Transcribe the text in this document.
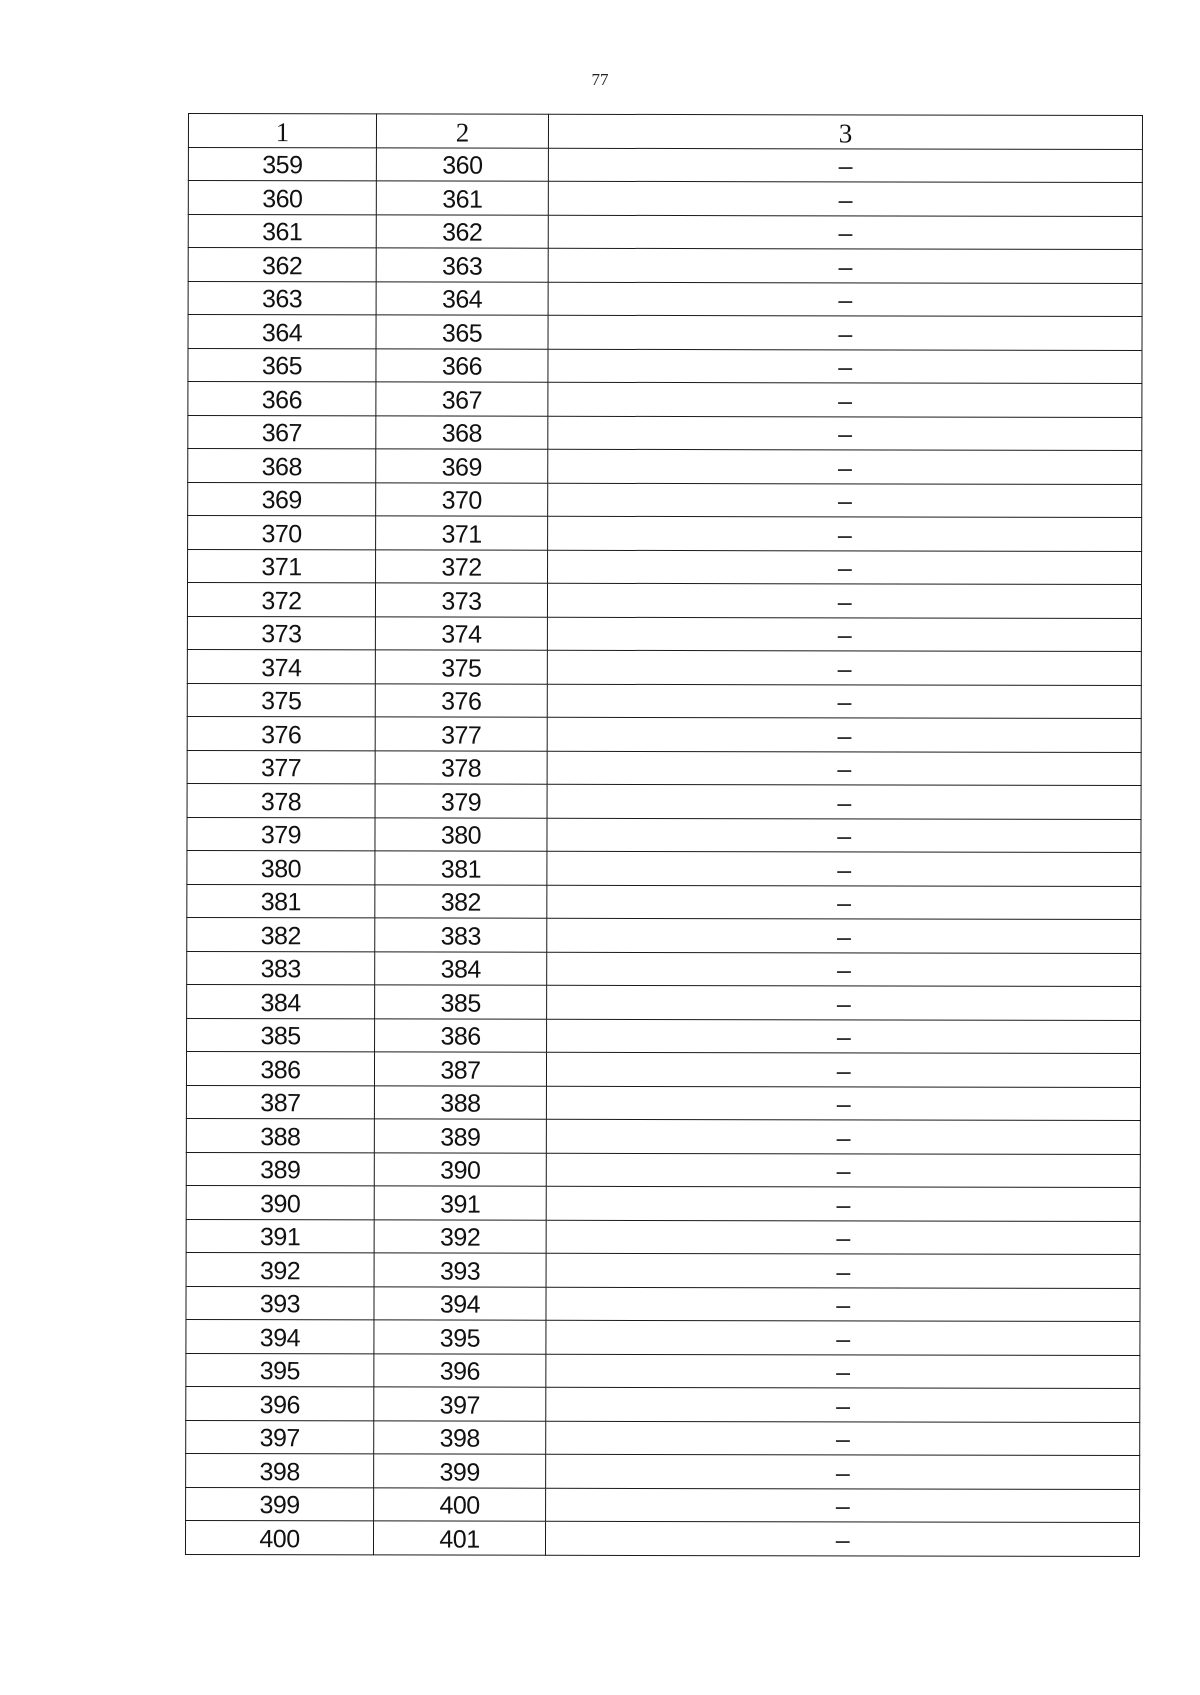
77
1	2	3
359	360	–
360	361	–
361	362	–
362	363	–
363	364	–
364	365	–
365	366	–
366	367	–
367	368	–
368	369	–
369	370	–
370	371	–
371	372	–
372	373	–
373	374	–
374	375	–
375	376	–
376	377	–
377	378	–
378	379	–
379	380	–
380	381	–
381	382	–
382	383	–
383	384	–
384	385	–
385	386	–
386	387	–
387	388	–
388	389	–
389	390	–
390	391	–
391	392	–
392	393	–
393	394	–
394	395	–
395	396	–
396	397	–
397	398	–
398	399	–
399	400	–
400	401	–
